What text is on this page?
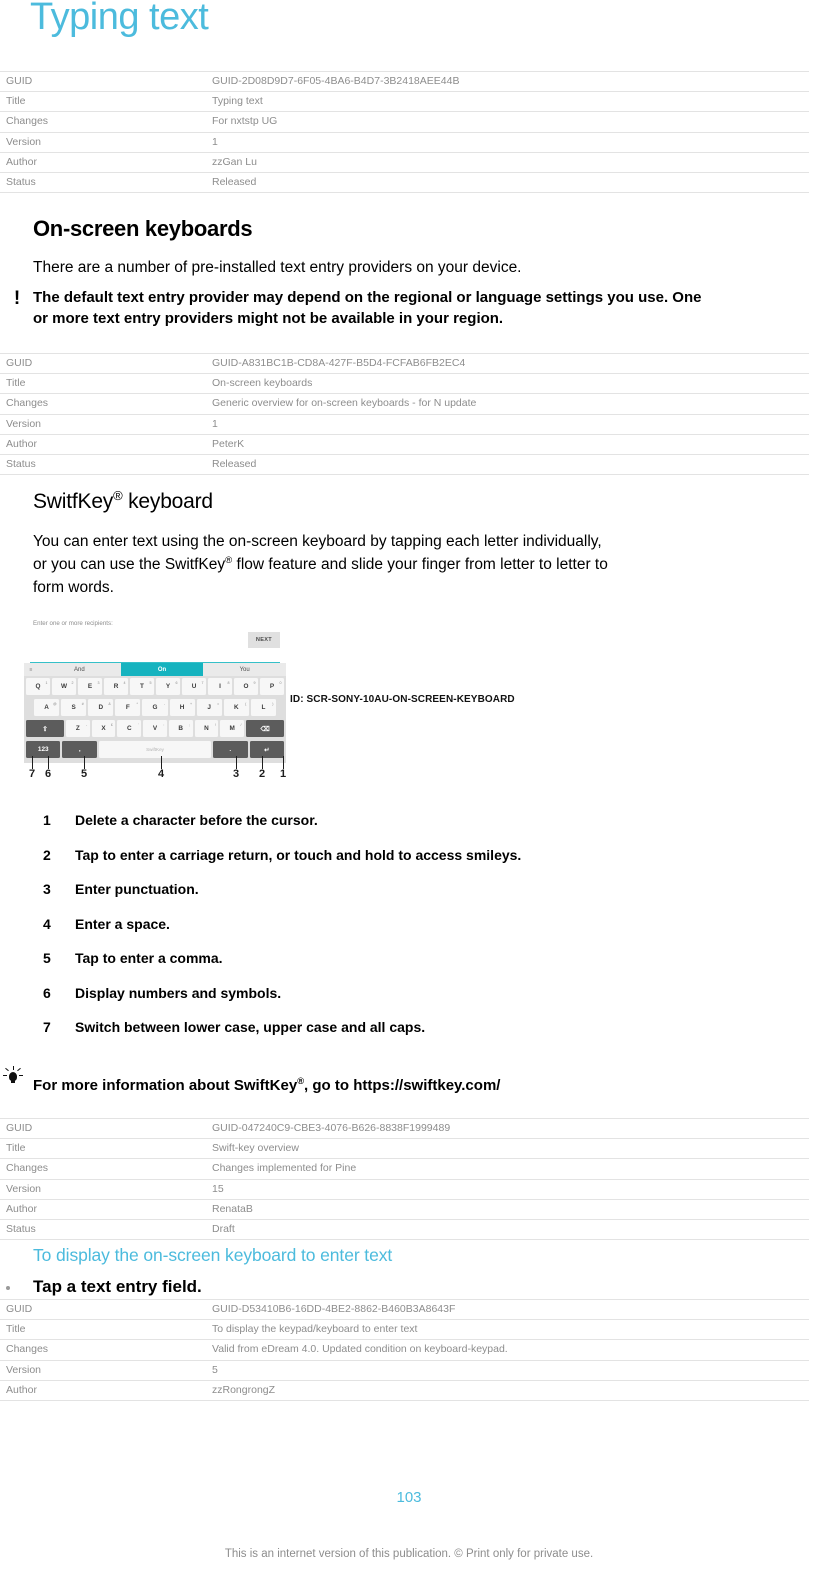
Typing text
GUID	GUID-2D08D9D7-6F05-4BA6-B4D7-3B2418AEE44B
Title	Typing text
Changes	For nxtstp UG
Version	1
Author	zzGan Lu
Status	Released
On-screen keyboards
There are a number of pre-installed text entry providers on your device.
! The default text entry provider may depend on the regional or language settings you use. One
or more text entry providers might not be available in your region.
GUID	GUID-A831BC1B-CD8A-427F-B5D4-FCFAB6FB2EC4
Title	On-screen keyboards
Changes	Generic overview for on-screen keyboards - for N update
Version	1
Author	PeterK
Status	Released
SwitfKey® keyboard
You can enter text using the on-screen keyboard by tapping each letter individually,
or you can use the SwitfKey® flow feature and slide your finger from letter to letter to
form words.
Enter one or more recipients:
NEXT
≡	And	On	You
Q
1
W
2
E
3
R
4
T
5
Y
6
U
7
I
8
O
9
P
0
A
@
S
#
D
&
F
*
G
-
H
+
J
=
K
(
L
)
⇧	Z
-
X
£
C
'
V
:
B
;
N
!
M
/
⌫
123	,	SwiftKey	.	↵
7 6	5	4	3 2 1
ID: SCR-SONY-10AU-ON-SCREEN-KEYBOARD
1 Delete a character before the cursor.
2 Tap to enter a carriage return, or touch and hold to access smileys.
3 Enter punctuation.
4 Enter a space.
5 Tap to enter a comma.
6 Display numbers and symbols.
7 Switch between lower case, upper case and all caps.
For more information about SwiftKey®, go to https://swiftkey.com/
GUID	GUID-047240C9-CBE3-4076-B626-8838F1999489
Title	Swift-key overview
Changes	Changes implemented for Pine
Version	15
Author	RenataB
Status	Draft
To display the on-screen keyboard to enter text
Tap a text entry field.
GUID	GUID-D53410B6-16DD-4BE2-8862-B460B3A8643F
Title	To display the keypad/keyboard to enter text
Changes	Valid from eDream 4.0. Updated condition on keyboard-keypad.
Version	5
Author	zzRongrongZ
103
This is an internet version of this publication. © Print only for private use.
